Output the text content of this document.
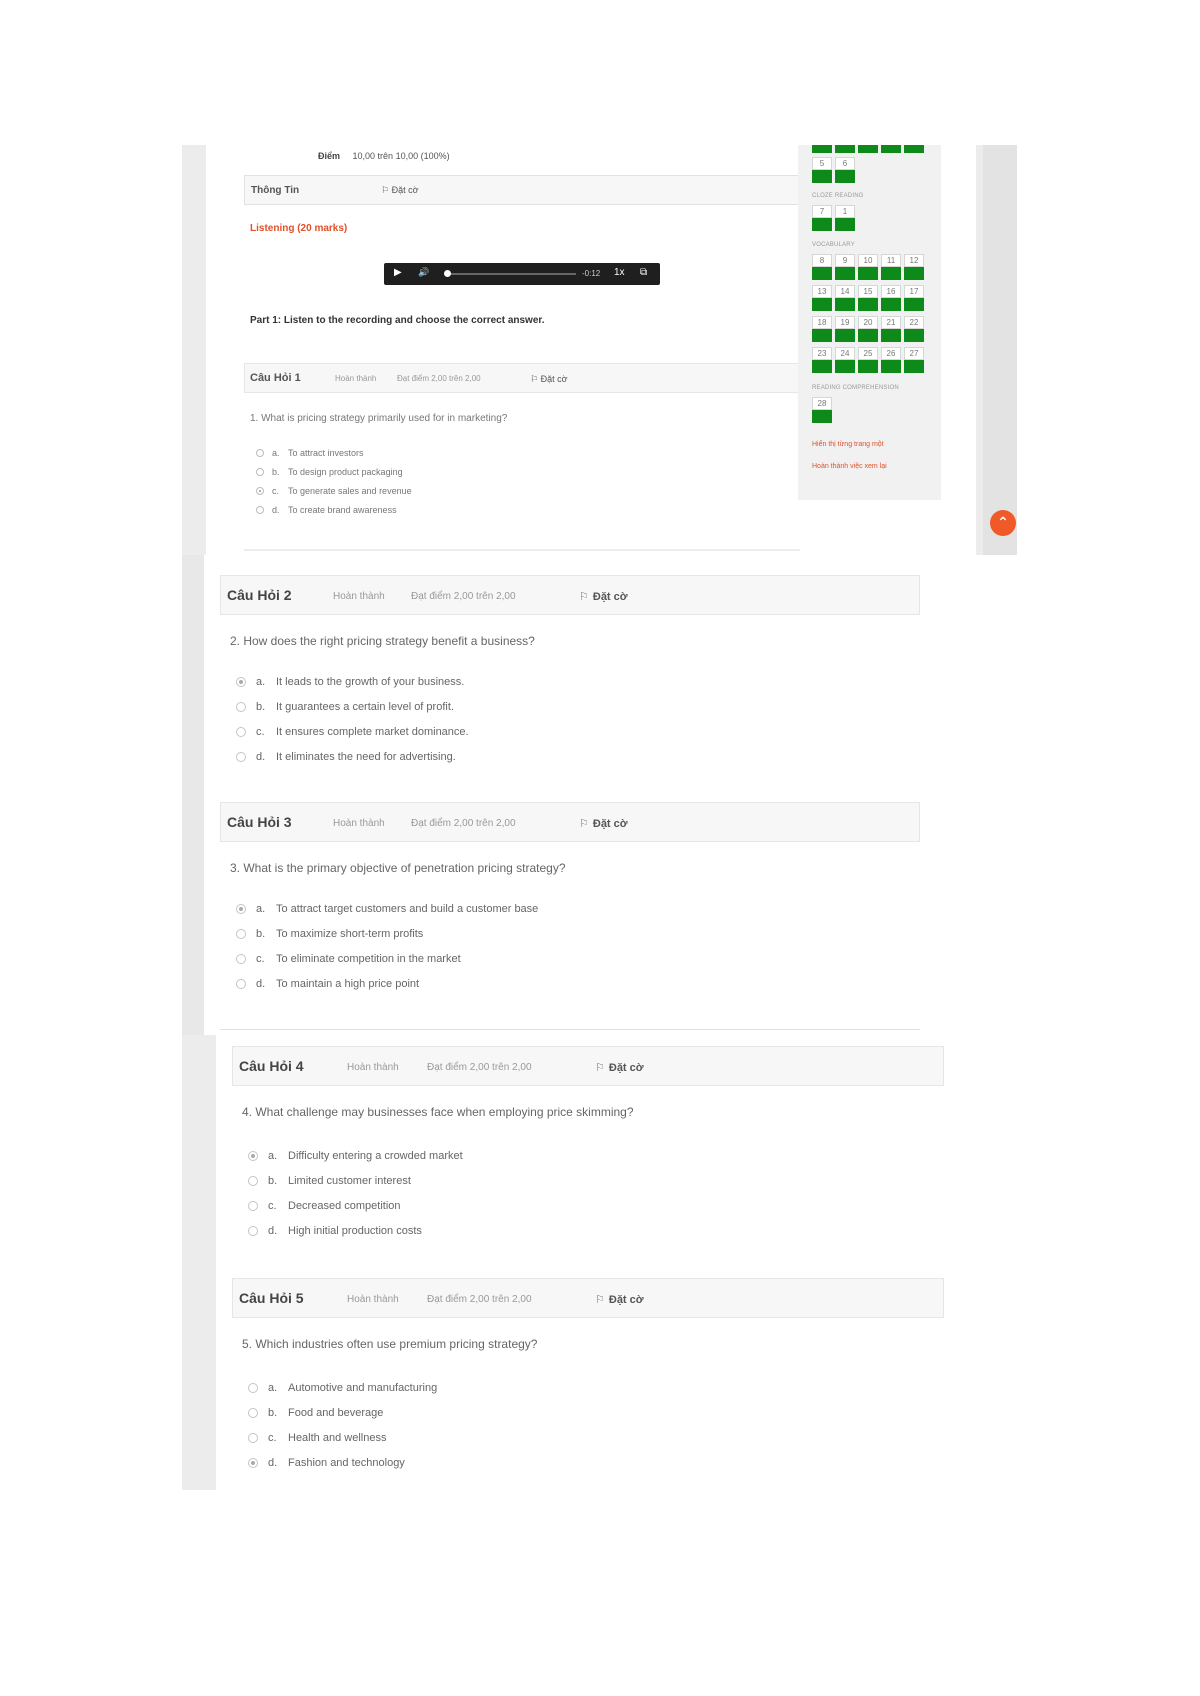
Điểm 10,00 trên 10,00 (100%)
Thông Tin	⚐ Đặt cờ
Listening (20 marks)
▶ 🔊	-0:12 1x ⧉
Part 1: Listen to the recording and choose the correct answer.
Câu Hỏi 1	Hoàn thành	Đạt điểm 2,00 trên 2,00	⚐ Đặt cờ
1. What is pricing strategy primarily used for in marketing?
a. To attract investors
b. To design product packaging
c. To generate sales and revenue
d. To create brand awareness
5	6
CLOZE READING
7	1
VOCABULARY
8	9	10	11	12
13	14	15	16	17
18	19	20	21	22
23	24	25	26	27
READING COMPREHENSION
28
Hiển thị từng trang một
Hoàn thành việc xem lại
⌃
Câu Hỏi 2	Hoàn thành	Đạt điểm 2,00 trên 2,00	⚐ Đặt cờ
2. How does the right pricing strategy benefit a business?
a. It leads to the growth of your business.
b. It guarantees a certain level of profit.
c.	It ensures complete market dominance.
d. It eliminates the need for advertising.
Câu Hỏi 3	Hoàn thành	Đạt điểm 2,00 trên 2,00	⚐ Đặt cờ
3. What is the primary objective of penetration pricing strategy?
a. To attract target customers and build a customer base
b. To maximize short-term profits
c.	To eliminate competition in the market
d. To maintain a high price point
Câu Hỏi 4	Hoàn thành	Đạt điểm 2,00 trên 2,00	⚐ Đặt cờ
4. What challenge may businesses face when employing price skimming?
a. Difficulty entering a crowded market
b. Limited customer interest
c.	Decreased competition
d. High initial production costs
Câu Hỏi 5	Hoàn thành	Đạt điểm 2,00 trên 2,00	⚐ Đặt cờ
5. Which industries often use premium pricing strategy?
a. Automotive and manufacturing
b. Food and beverage
c.	Health and wellness
d. Fashion and technology
